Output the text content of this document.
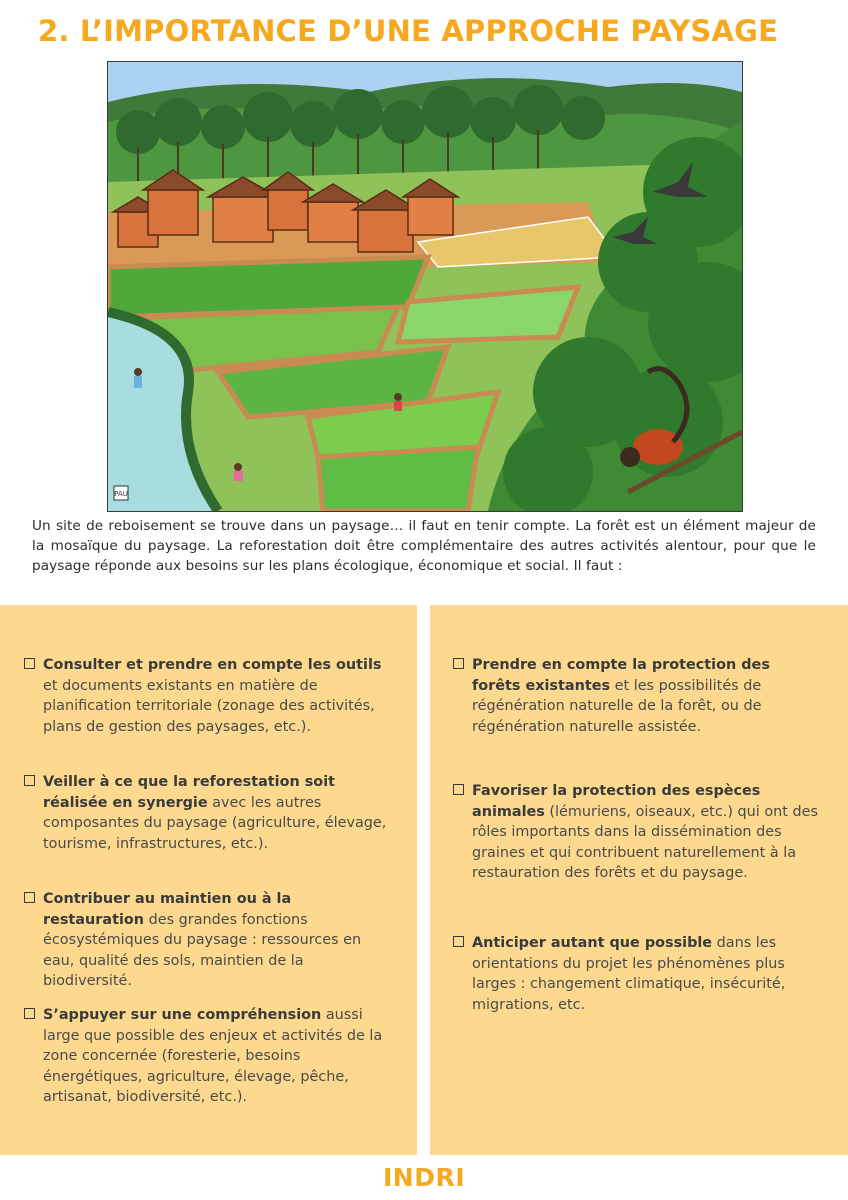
2. L’IMPORTANCE D’UNE APPROCHE PAYSAGE
PAU
Un site de reboisement se trouve dans un paysage… il faut en tenir compte. La forêt est un élément majeur de la mosaïque du paysage. La reforestation doit être complémentaire des autres activités alentour, pour que le paysage réponde aux besoins sur les plans écologique, économique et social. Il faut :
Consulter et prendre en compte les outils et documents existants en matière de planification territoriale (zonage des activités, plans de gestion des paysages, etc.).
Veiller à ce que la reforestation soit réalisée en synergie avec les autres composantes du paysage (agriculture, élevage, tourisme, infrastructures, etc.).
Contribuer au maintien ou à la restauration des grandes fonctions écosystémiques du paysage : ressources en eau, qualité des sols, maintien de la biodiversité.
S’appuyer sur une compréhension aussi large que possible des enjeux et activités de la zone concernée (foresterie, besoins énergétiques, agriculture, élevage, pêche, artisanat, biodiversité, etc.).
Prendre en compte la protection des forêts existantes et les possibilités de régénération naturelle de la forêt, ou de régénération naturelle assistée.
Favoriser la protection des espèces animales (lémuriens, oiseaux, etc.) qui ont des rôles importants dans la dissémination des graines et qui contribuent naturellement à la restauration des forêts et du paysage.
Anticiper autant que possible dans les orientations du projet les phénomènes plus larges : changement climatique, insécurité, migrations, etc.
INDRI
